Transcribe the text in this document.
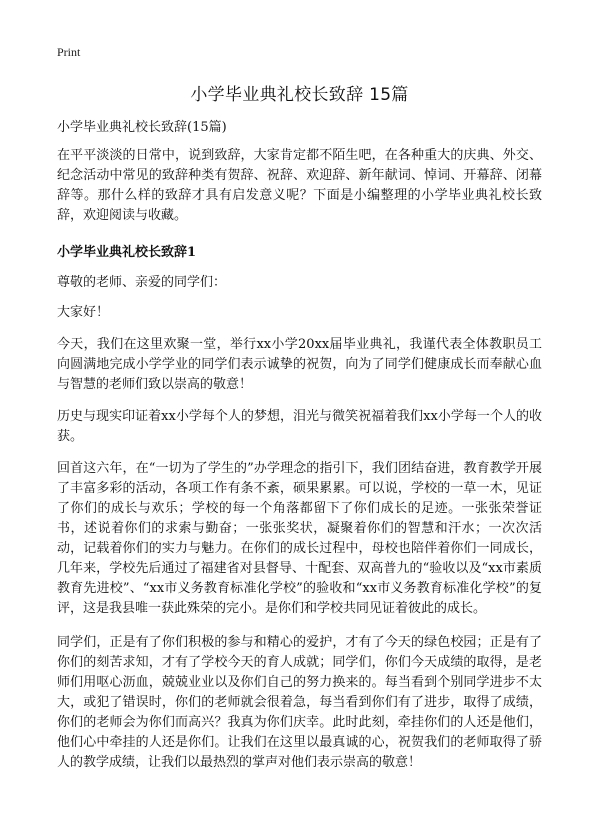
Print

小学毕业典礼校长致辞 15篇

小学毕业典礼校长致辞(15篇)

在平平淡淡的日常中，说到致辞，大家肯定都不陌生吧，在各种重大的庆典、外交、纪念活动中常见的致辞种类有贺辞、祝辞、欢迎辞、新年献词、悼词、开幕辞、闭幕辞等。那什么样的致辞才具有启发意义呢？下面是小编整理的小学毕业典礼校长致辞，欢迎阅读与收藏。

小学毕业典礼校长致辞1

尊敬的老师、亲爱的同学们：

大家好！

今天，我们在这里欢聚一堂，举行xx小学20xx届毕业典礼，我谨代表全体教职员工向圆满地完成小学学业的同学们表示诚挚的祝贺，向为了同学们健康成长而奉献心血与智慧的老师们致以崇高的敬意！

历史与现实印证着xx小学每个人的梦想，泪光与微笑祝福着我们xx小学每一个人的收获。

回首这六年，在“一切为了学生的”办学理念的指引下，我们团结奋进，教育教学开展了丰富多彩的活动，各项工作有条不紊，硕果累累。可以说，学校的一草一木，见证了你们的成长与欢乐；学校的每一个角落都留下了你们成长的足迹。一张张荣誉证书，述说着你们的求索与勤奋；一张张奖状，凝聚着你们的智慧和汗水；一次次活动，记载着你们的实力与魅力。在你们的成长过程中，母校也陪伴着你们一同成长，几年来，学校先后通过了福建省对县督导、十配套、双高普九的“验收以及“xx市素质教育先进校”、“xx市义务教育标准化学校”的验收和“xx市义务教育标准化学校”的复评，这是我县唯一获此殊荣的完小。是你们和学校共同见证着彼此的成长。

同学们，正是有了你们积极的参与和精心的爱护，才有了今天的绿色校园；正是有了你们的刻苦求知，才有了学校今天的育人成就；同学们，你们今天成绩的取得，是老师们用呕心沥血，兢兢业业以及你们自己的努力换来的。每当看到个别同学进步不太大，或犯了错误时，你们的老师就会很着急，每当看到你们有了进步，取得了成绩，你们的老师会为你们而高兴？我真为你们庆幸。此时此刻，牵挂你们的人还是他们，他们心中牵挂的人还是你们。让我们在这里以最真诚的心，祝贺我们的老师取得了骄人的教学成绩，让我们以最热烈的掌声对他们表示崇高的敬意！
